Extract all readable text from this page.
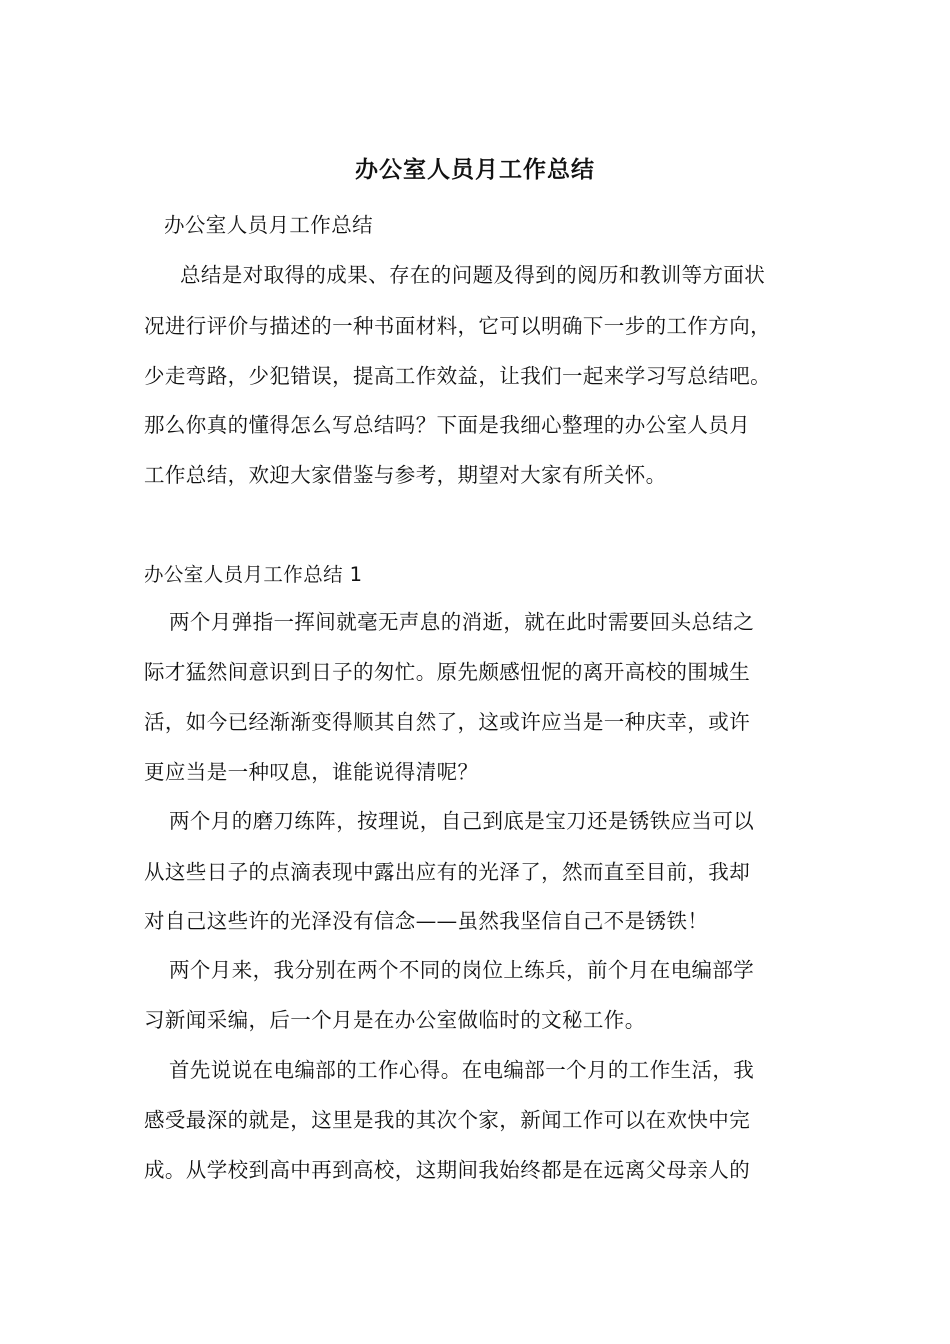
办公室人员月工作总结
办公室人员月工作总结
总结是对取得的成果、存在的问题及得到的阅历和教训等方面状
况进行评价与描述的一种书面材料，它可以明确下一步的工作方向，
少走弯路，少犯错误，提高工作效益，让我们一起来学习写总结吧。
那么你真的懂得怎么写总结吗？下面是我细心整理的办公室人员月
工作总结，欢迎大家借鉴与参考，期望对大家有所关怀。
办公室人员月工作总结 1
两个月弹指一挥间就毫无声息的消逝，就在此时需要回头总结之
际才猛然间意识到日子的匆忙。原先颇感忸怩的离开高校的围城生
活，如今已经渐渐变得顺其自然了，这或许应当是一种庆幸，或许
更应当是一种叹息，谁能说得清呢？
两个月的磨刀练阵，按理说，自己到底是宝刀还是锈铁应当可以
从这些日子的点滴表现中露出应有的光泽了，然而直至目前，我却
对自己这些许的光泽没有信念——虽然我坚信自己不是锈铁！
两个月来，我分别在两个不同的岗位上练兵，前个月在电编部学
习新闻采编，后一个月是在办公室做临时的文秘工作。
首先说说在电编部的工作心得。在电编部一个月的工作生活，我
感受最深的就是，这里是我的其次个家，新闻工作可以在欢快中完
成。从学校到高中再到高校，这期间我始终都是在远离父母亲人的
